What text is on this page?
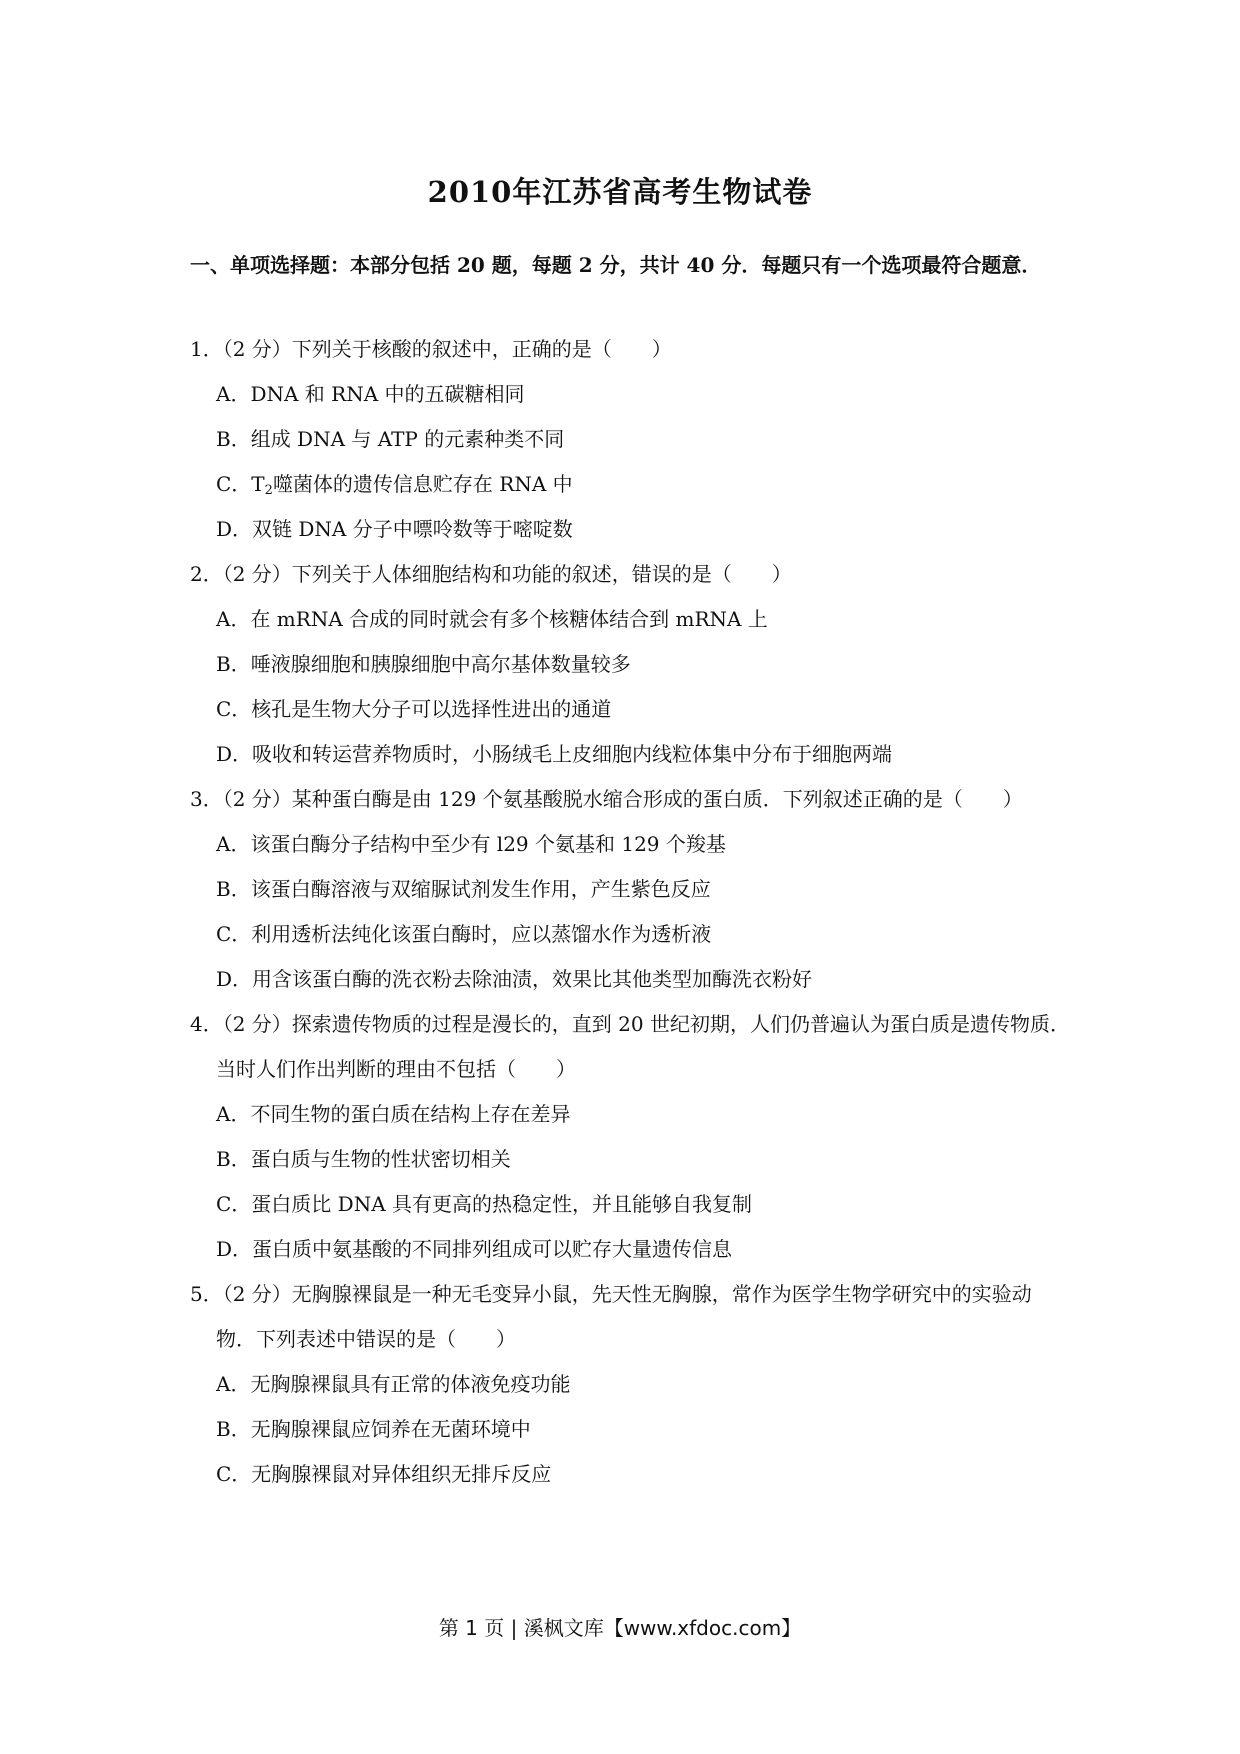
2010年江苏省高考生物试卷
一、单项选择题：本部分包括 20 题，每题 2 分，共计 40 分．每题只有一个选项最符合题意．
1．（2 分）下列关于核酸的叙述中，正确的是（　　）
A．DNA 和 RNA 中的五碳糖相同
B．组成 DNA 与 ATP 的元素种类不同
C．$T_2$噬菌体的遗传信息贮存在 RNA 中
D．双链 DNA 分子中嘌呤数等于嘧啶数
2．（2 分）下列关于人体细胞结构和功能的叙述，错误的是（　　）
A．在 mRNA 合成的同时就会有多个核糖体结合到 mRNA 上
B．唾液腺细胞和胰腺细胞中高尔基体数量较多
C．核孔是生物大分子可以选择性进出的通道
D．吸收和转运营养物质时，小肠绒毛上皮细胞内线粒体集中分布于细胞两端
3．（2 分）某种蛋白酶是由 129 个氨基酸脱水缩合形成的蛋白质．下列叙述正确的是（　　）
A．该蛋白酶分子结构中至少有 l29 个氨基和 129 个羧基
B．该蛋白酶溶液与双缩脲试剂发生作用，产生紫色反应
C．利用透析法纯化该蛋白酶时，应以蒸馏水作为透析液
D．用含该蛋白酶的洗衣粉去除油渍，效果比其他类型加酶洗衣粉好
4．（2 分）探索遗传物质的过程是漫长的，直到 20 世纪初期，人们仍普遍认为蛋白质是遗传物质．当时人们作出判断的理由不包括（　　）
A．不同生物的蛋白质在结构上存在差异
B．蛋白质与生物的性状密切相关
C．蛋白质比 DNA 具有更高的热稳定性，并且能够自我复制
D．蛋白质中氨基酸的不同排列组成可以贮存大量遗传信息
5．（2 分）无胸腺裸鼠是一种无毛变异小鼠，先天性无胸腺，常作为医学生物学研究中的实验动物．下列表述中错误的是（　　）
A．无胸腺裸鼠具有正常的体液免疫功能
B．无胸腺裸鼠应饲养在无菌环境中
C．无胸腺裸鼠对异体组织无排斥反应
第 1 页 | 溪枫文库【www.xfdoc.com】
